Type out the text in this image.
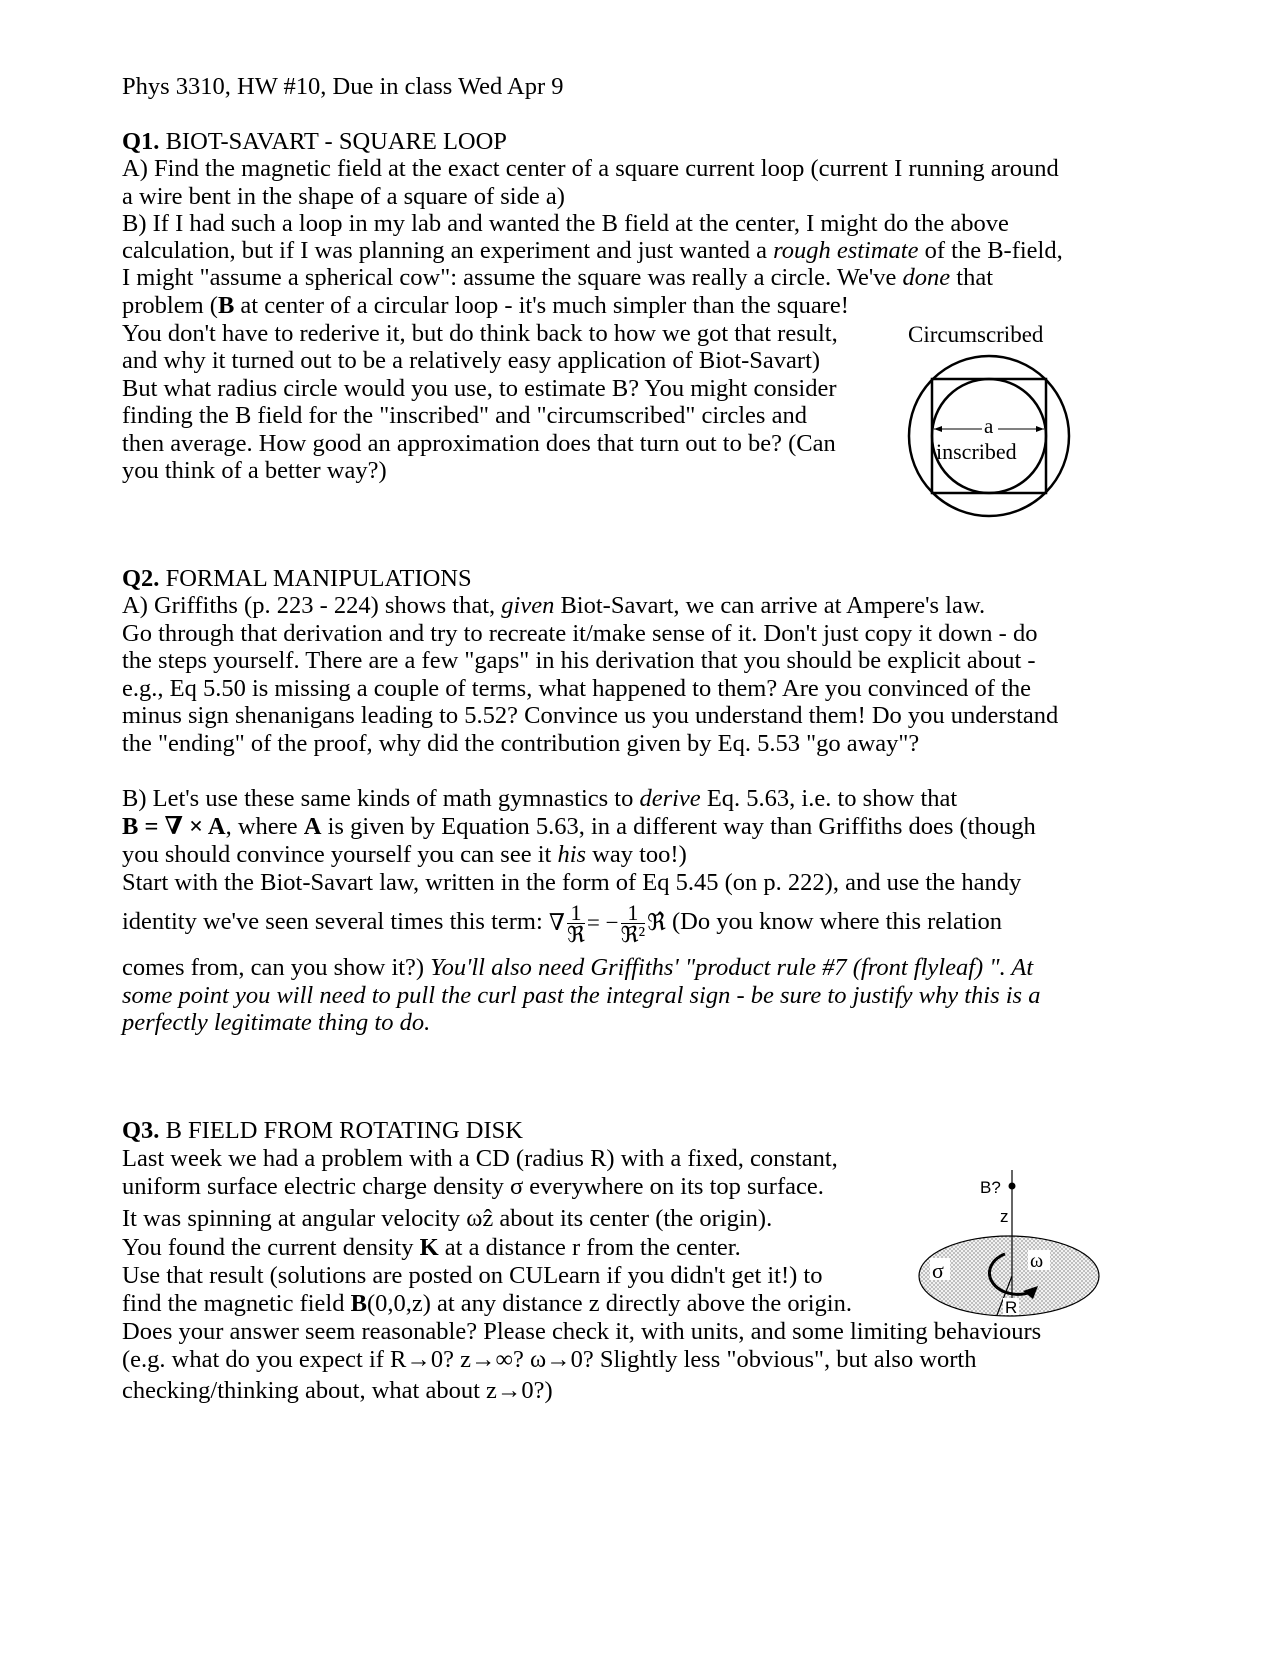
Phys 3310, HW #10, Due in class Wed Apr 9
Q1. BIOT-SAVART - SQUARE LOOP
A) Find the magnetic field at the exact center of a square current loop (current I running around
a wire bent in the shape of a square of side a)
B) If I had such a loop in my lab and wanted the B field at the center, I might do the above
calculation, but if I was planning an experiment and just wanted a rough estimate of the B-field,
I might "assume a spherical cow": assume the square was really a circle. We've done that
problem (B at center of a circular loop - it's much simpler than the square!
You don't have to rederive it, but do think back to how we got that result,
and why it turned out to be a relatively easy application of Biot-Savart)
But what radius circle would you use, to estimate B? You might consider
finding the B field for the "inscribed" and "circumscribed" circles and
then average. How good an approximation does that turn out to be? (Can
you think of a better way?)
Circumscribed
a
inscribed
Q2. FORMAL MANIPULATIONS
A) Griffiths (p. 223 - 224) shows that, given Biot-Savart, we can arrive at Ampere's law.
Go through that derivation and try to recreate it/make sense of it. Don't just copy it down - do
the steps yourself. There are a few "gaps" in his derivation that you should be explicit about -
e.g., Eq 5.50 is missing a couple of terms, what happened to them? Are you convinced of the
minus sign shenanigans leading to 5.52? Convince us you understand them! Do you understand
the "ending" of the proof, why did the contribution given by Eq. 5.53 "go away"?
B) Let's use these same kinds of math gymnastics to derive Eq. 5.63, i.e. to show that
B = ∇ × A, where A is given by Equation 5.63, in a different way than Griffiths does (though
you should convince yourself you can see it his way too!)
Start with the Biot-Savart law, written in the form of Eq 5.45 (on p. 222), and use the handy
identity we've seen several times this term: ∇ $\frac{1}{\text{ℜ}}$ = − $\frac{1}{\text{ℜ²}}$ ℜ̂ (Do you know where this relation
comes from, can you show it?) You'll also need Griffiths' "product rule #7 (front flyleaf) ". At
some point you will need to pull the curl past the integral sign - be sure to justify why this is a
perfectly legitimate thing to do.
Q3. B FIELD FROM ROTATING DISK
Last week we had a problem with a CD (radius R) with a fixed, constant,
uniform surface electric charge density σ everywhere on its top surface.
It was spinning at angular velocity ωẑ about its center (the origin).
You found the current density K at a distance r from the center.
Use that result (solutions are posted on CULearn if you didn't get it!) to
find the magnetic field B(0,0,z) at any distance z directly above the origin.
Does your answer seem reasonable? Please check it, with units, and some limiting behaviours
(e.g. what do you expect if R→0? z→∞? ω→0? Slightly less "obvious", but also worth
checking/thinking about, what about z→0?)
B?
z
σ	ω
R
